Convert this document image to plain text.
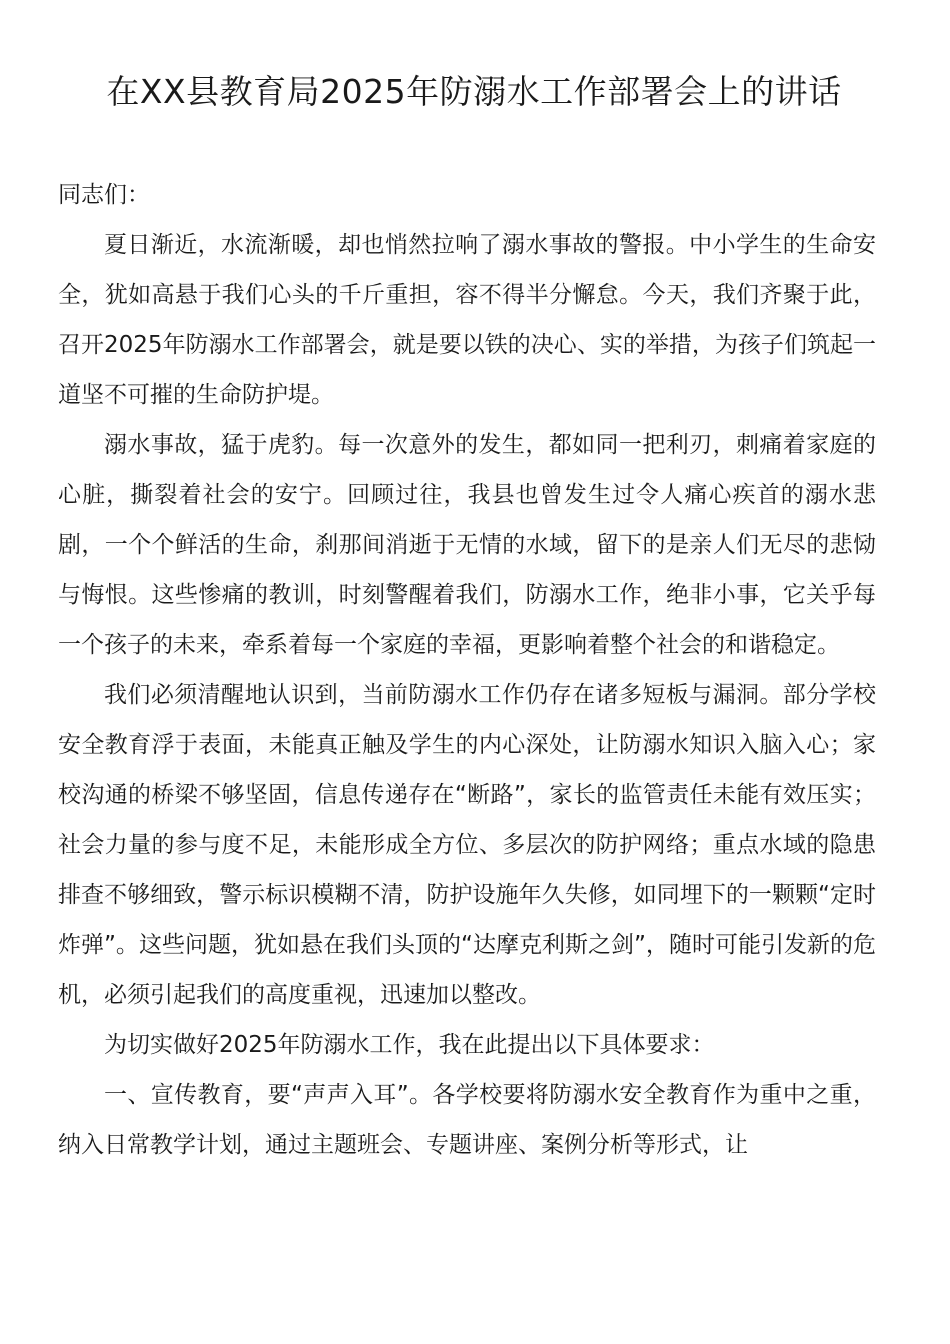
在XX县教育局2025年防溺水工作部署会上的讲话

同志们：

夏日渐近，水流渐暖，却也悄然拉响了溺水事故的警报。中小学生的生命安全，犹如高悬于我们心头的千斤重担，容不得半分懈怠。今天，我们齐聚于此，召开2025年防溺水工作部署会，就是要以铁的决心、实的举措，为孩子们筑起一道坚不可摧的生命防护堤。

溺水事故，猛于虎豹。每一次意外的发生，都如同一把利刃，刺痛着家庭的心脏，撕裂着社会的安宁。回顾过往，我县也曾发生过令人痛心疾首的溺水悲剧，一个个鲜活的生命，刹那间消逝于无情的水域，留下的是亲人们无尽的悲恸与悔恨。这些惨痛的教训，时刻警醒着我们，防溺水工作，绝非小事，它关乎每一个孩子的未来，牵系着每一个家庭的幸福，更影响着整个社会的和谐稳定。

我们必须清醒地认识到，当前防溺水工作仍存在诸多短板与漏洞。部分学校安全教育浮于表面，未能真正触及学生的内心深处，让防溺水知识入脑入心；家校沟通的桥梁不够坚固，信息传递存在“断路”，家长的监管责任未能有效压实；社会力量的参与度不足，未能形成全方位、多层次的防护网络；重点水域的隐患排查不够细致，警示标识模糊不清，防护设施年久失修，如同埋下的一颗颗“定时炸弹”。这些问题，犹如悬在我们头顶的“达摩克利斯之剑”，随时可能引发新的危机，必须引起我们的高度重视，迅速加以整改。

为切实做好2025年防溺水工作，我在此提出以下具体要求：

一、宣传教育，要“声声入耳”。各学校要将防溺水安全教育作为重中之重，纳入日常教学计划，通过主题班会、专题讲座、案例分析等形式，让
